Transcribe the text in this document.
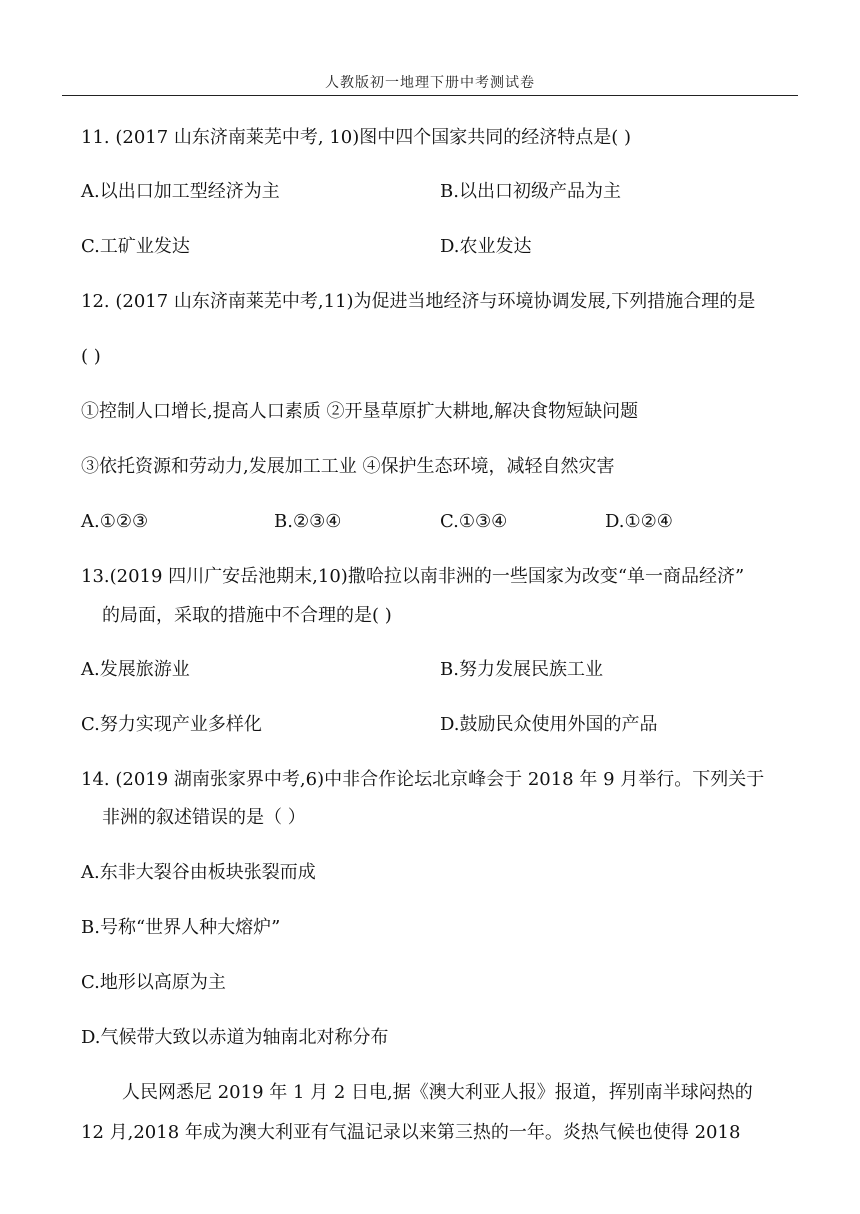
人教版初一地理下册中考测试卷
11. (2017 山东济南莱芜中考, 10)图中四个国家共同的经济特点是( )
A.以出口加工型经济为主	B.以出口初级产品为主
C.工矿业发达	D.农业发达
12. (2017 山东济南莱芜中考,11)为促进当地经济与环境协调发展,下列措施合理的是
( )
①控制人口增长,提高人口素质 ②开垦草原扩大耕地,解决食物短缺问题
③依托资源和劳动力,发展加工工业 ④保护生态环境，减轻自然灾害
A.①②③	B.②③④	C.①③④	D.①②④
13.(2019 四川广安岳池期末,10)撒哈拉以南非洲的一些国家为改变“单一商品经济”
的局面，采取的措施中不合理的是( )
A.发展旅游业	B.努力发展民族工业
C.努力实现产业多样化	D.鼓励民众使用外国的产品
14. (2019 湖南张家界中考,6)中非合作论坛北京峰会于 2018 年 9 月举行。下列关于
非洲的叙述错误的是（ ）
A.东非大裂谷由板块张裂而成
B.号称“世界人种大熔炉”
C.地形以高原为主
D.气候带大致以赤道为轴南北对称分布
人民网悉尼 2019 年 1 月 2 日电,据《澳大利亚人报》报道，挥别南半球闷热的
12 月,2018 年成为澳大利亚有气温记录以来第三热的一年。炎热气候也使得 2018
